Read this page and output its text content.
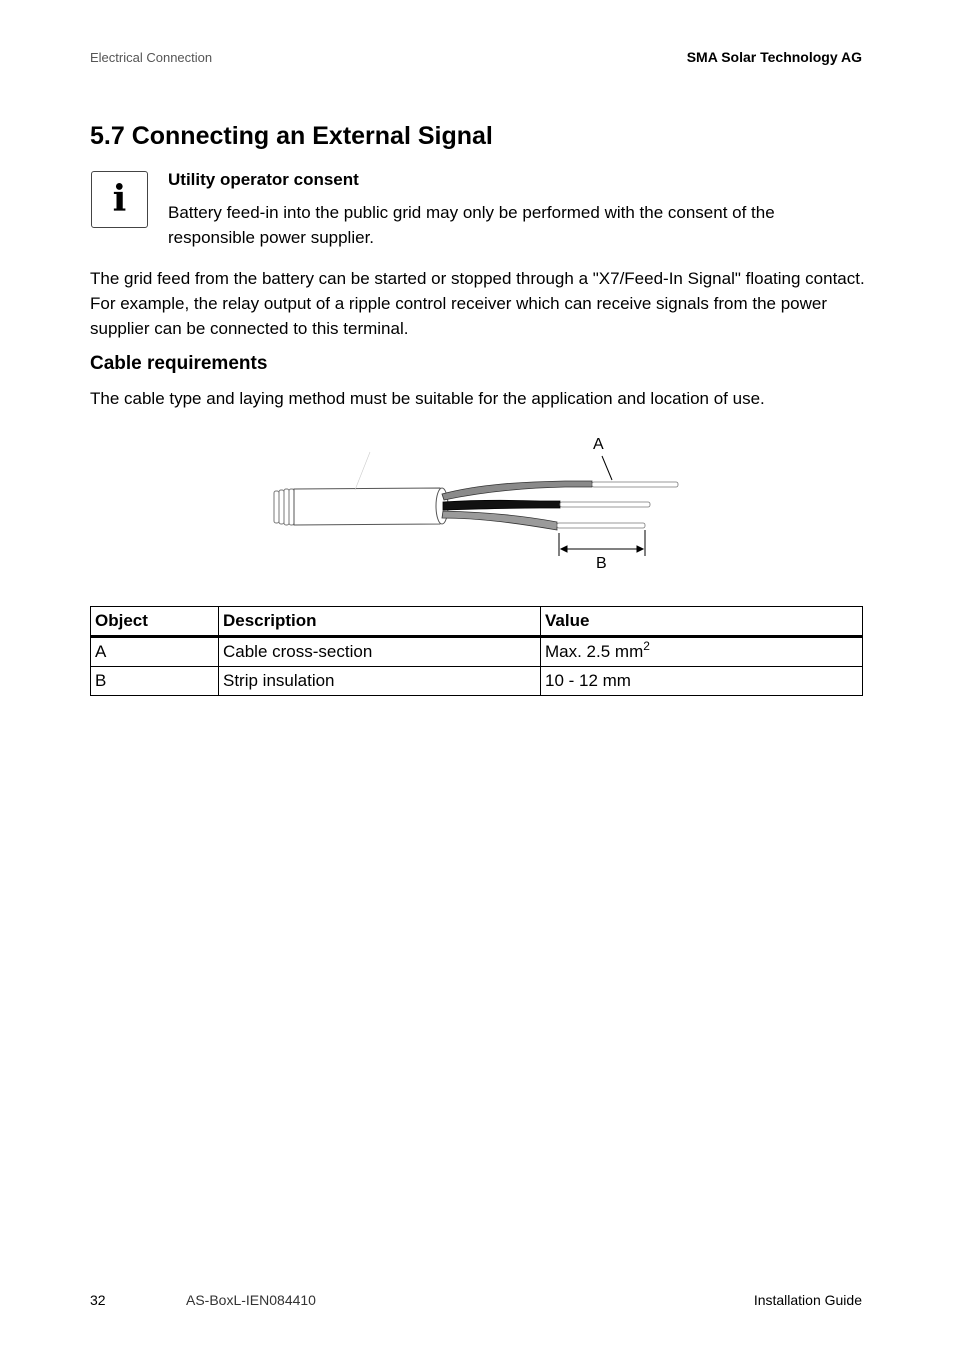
Electrical Connection	SMA Solar Technology AG
5.7 Connecting an External Signal
i	Utility operator consent
Battery feed-in into the public grid may only be performed with the consent of the responsible power supplier.
The grid feed from the battery can be started or stopped through a "X7/Feed-In Signal" floating contact. For example, the relay output of a ripple control receiver which can receive signals from the power supplier can be connected to this terminal.
Cable requirements
The cable type and laying method must be suitable for the application and location of use.
A
B
Object	Description	Value
A	Cable cross-section	Max. 2.5 $mm^2$
B	Strip insulation	10 - 12 mm
32	AS-BoxL-IEN084410	Installation Guide
